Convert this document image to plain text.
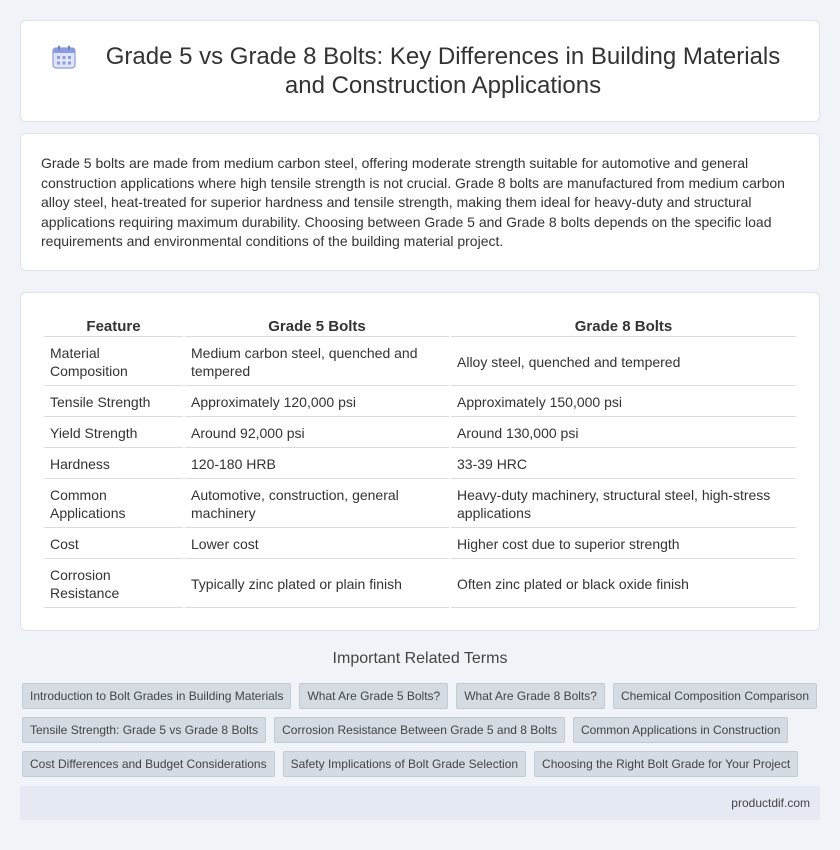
Grade 5 vs Grade 8 Bolts: Key Differences in Building Materials and Construction Applications

Grade 5 bolts are made from medium carbon steel, offering moderate strength suitable for automotive and general construction applications where high tensile strength is not crucial. Grade 8 bolts are manufactured from medium carbon alloy steel, heat-treated for superior hardness and tensile strength, making them ideal for heavy-duty and structural applications requiring maximum durability. Choosing between Grade 5 and Grade 8 bolts depends on the specific load requirements and environmental conditions of the building material project.

Feature	Grade 5 Bolts	Grade 8 Bolts
Material Composition	Medium carbon steel, quenched and tempered	Alloy steel, quenched and tempered
Tensile Strength	Approximately 120,000 psi	Approximately 150,000 psi
Yield Strength	Around 92,000 psi	Around 130,000 psi
Hardness	120-180 HRB	33-39 HRC
Common Applications	Automotive, construction, general machinery	Heavy-duty machinery, structural steel, high-stress applications
Cost	Lower cost	Higher cost due to superior strength
Corrosion Resistance	Typically zinc plated or plain finish	Often zinc plated or black oxide finish
Important Related Terms
Introduction to Bolt Grades in Building Materials	What Are Grade 5 Bolts?	What Are Grade 8 Bolts?	Chemical Composition Comparison
Tensile Strength: Grade 5 vs Grade 8 Bolts	Corrosion Resistance Between Grade 5 and 8 Bolts	Common Applications in Construction
Cost Differences and Budget Considerations	Safety Implications of Bolt Grade Selection	Choosing the Right Bolt Grade for Your Project
productdif.com
